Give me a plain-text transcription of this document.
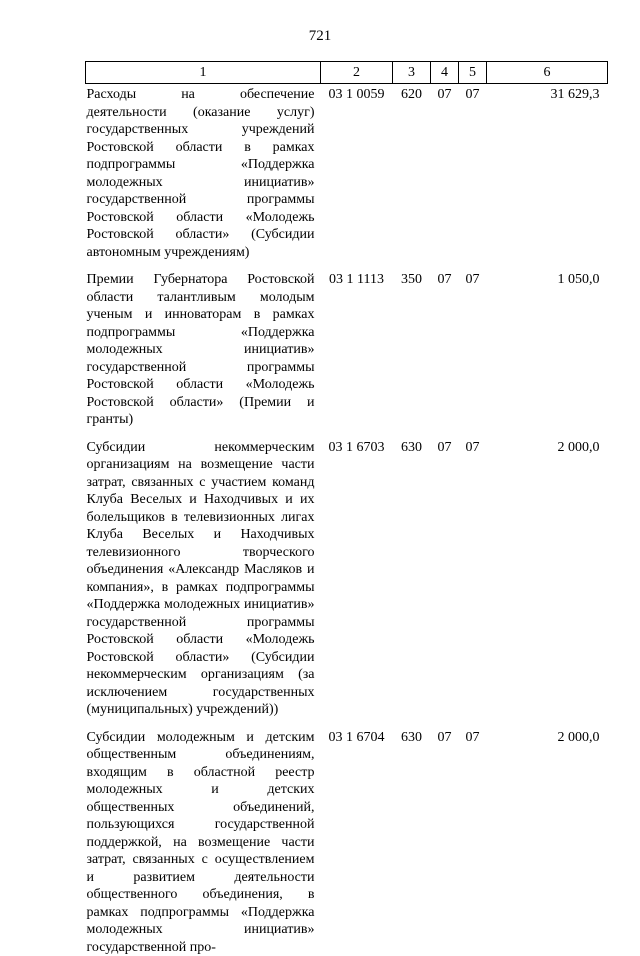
721
1	2	3	4	5	6
Расходы на обеспечение деятельности (оказание услуг) государственных учреждений Ростовской области в рамках подпрограммы «Поддержка молодежных инициатив» государственной программы Ростовской области «Молодежь Ростовской области» (Субсидии автономным учреждениям)	03 1 0059	620	07	07	31 629,3
Премии Губернатора Ростовской области талантливым молодым ученым и инноваторам в рамках подпрограммы «Поддержка молодежных инициатив» государственной программы Ростовской области «Молодежь Ростовской области» (Премии и гранты)	03 1 1113	350	07	07	1 050,0
Субсидии некоммерческим организациям на возмещение части затрат, связанных с участием команд Клуба Веселых и Находчивых и их болельщиков в телевизионных лигах Клуба Веселых и Находчивых телевизионного творческого объединения «Александр Масляков и компания», в рамках подпрограммы «Поддержка молодежных инициатив» государственной программы Ростовской области «Молодежь Ростовской области» (Субсидии некоммерческим организациям (за исключением государственных (муниципальных) учреждений))	03 1 6703	630	07	07	2 000,0
Субсидии молодежным и детским общественным объединениям, входящим в областной реестр молодежных и детских общественных объединений, пользующихся государственной поддержкой, на возмещение части затрат, связанных с осуществлением и развитием деятельности общественного объединения, в рамках подпрограммы «Поддержка молодежных инициатив» государственной про-	03 1 6704	630	07	07	2 000,0
